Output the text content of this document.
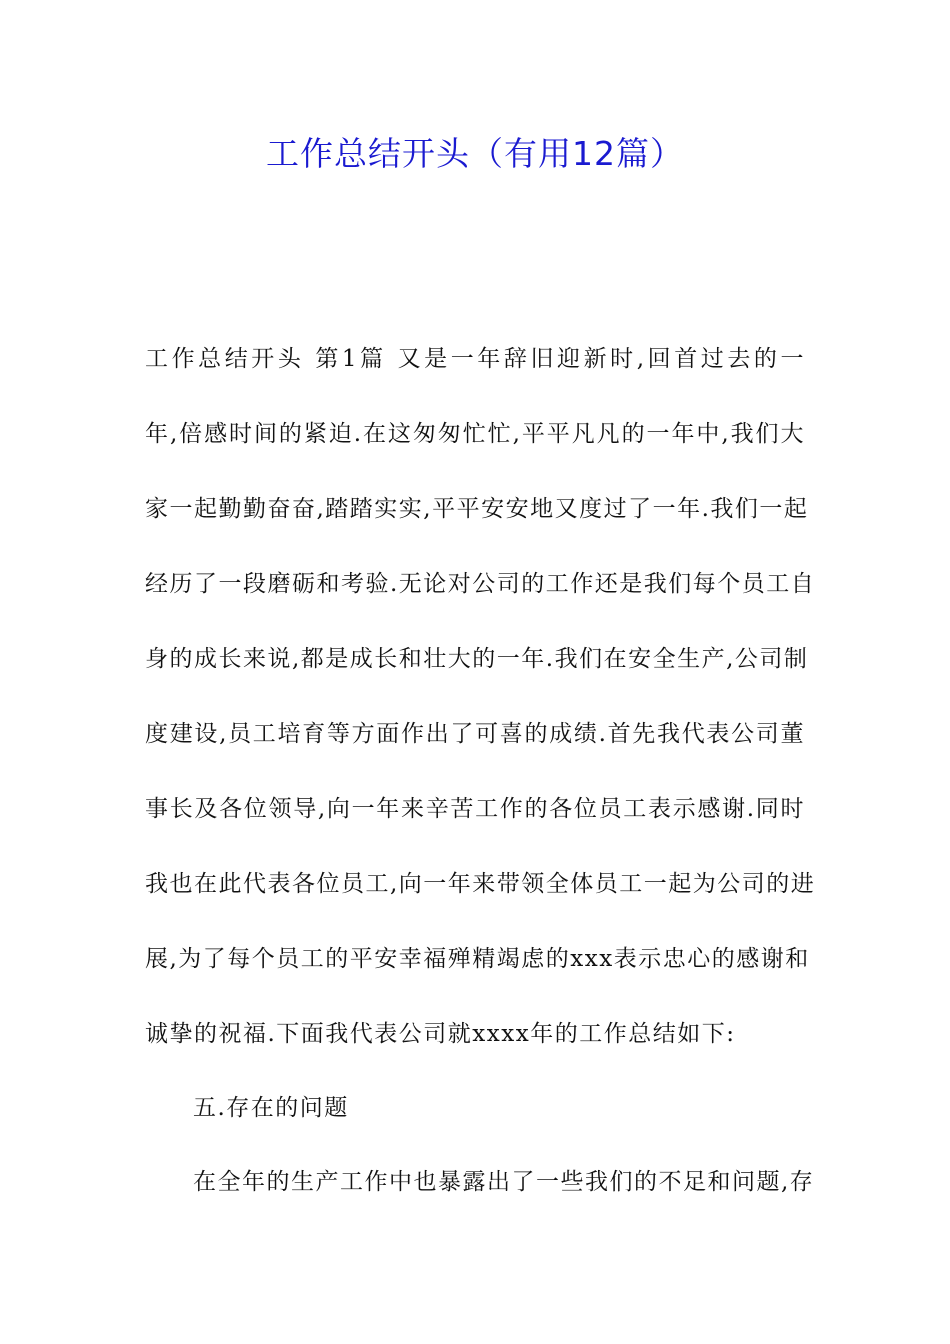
工作总结开头（有用12篇）
工作总结开头 第1篇 又是一年辞旧迎新时,回首过去的一
年,倍感时间的紧迫.在这匆匆忙忙,平平凡凡的一年中,我们大
家一起勤勤奋奋,踏踏实实,平平安安地又度过了一年.我们一起
经历了一段磨砺和考验.无论对公司的工作还是我们每个员工自
身的成长来说,都是成长和壮大的一年.我们在安全生产,公司制
度建设,员工培育等方面作出了可喜的成绩.首先我代表公司董
事长及各位领导,向一年来辛苦工作的各位员工表示感谢.同时
我也在此代表各位员工,向一年来带领全体员工一起为公司的进
展,为了每个员工的平安幸福殚精竭虑的xxx表示忠心的感谢和
诚挚的祝福.下面我代表公司就xxxx年的工作总结如下:
五.存在的问题
在全年的生产工作中也暴露出了一些我们的不足和问题,存
